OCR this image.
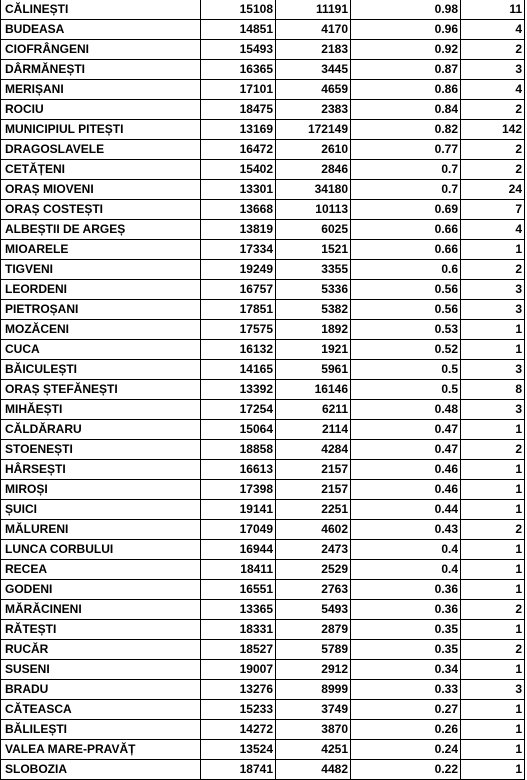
CĂLINEȘTI	15108	11191	0.98	11
BUDEASA	14851	4170	0.96	4
CIOFRÂNGENI	15493	2183	0.92	2
DÂRMĂNEȘTI	16365	3445	0.87	3
MERIȘANI	17101	4659	0.86	4
ROCIU	18475	2383	0.84	2
MUNICIPIUL PITEȘTI	13169	172149	0.82	142
DRAGOSLAVELE	16472	2610	0.77	2
CETĂȚENI	15402	2846	0.7	2
ORAȘ MIOVENI	13301	34180	0.7	24
ORAȘ COSTEȘTI	13668	10113	0.69	7
ALBEȘTII DE ARGEȘ	13819	6025	0.66	4
MIOARELE	17334	1521	0.66	1
TIGVENI	19249	3355	0.6	2
LEORDENI	16757	5336	0.56	3
PIETROȘANI	17851	5382	0.56	3
MOZĂCENI	17575	1892	0.53	1
CUCA	16132	1921	0.52	1
BĂICULEȘTI	14165	5961	0.5	3
ORAȘ ȘTEFĂNEȘTI	13392	16146	0.5	8
MIHĂEȘTI	17254	6211	0.48	3
CĂLDĂRARU	15064	2114	0.47	1
STOENEȘTI	18858	4284	0.47	2
HÂRSEȘTI	16613	2157	0.46	1
MIROȘI	17398	2157	0.46	1
ȘUICI	19141	2251	0.44	1
MĂLURENI	17049	4602	0.43	2
LUNCA CORBULUI	16944	2473	0.4	1
RECEA	18411	2529	0.4	1
GODENI	16551	2763	0.36	1
MĂRĂCINENI	13365	5493	0.36	2
RĂTEȘTI	18331	2879	0.35	1
RUCĂR	18527	5789	0.35	2
SUSENI	19007	2912	0.34	1
BRADU	13276	8999	0.33	3
CĂTEASCA	15233	3749	0.27	1
BĂLILEȘTI	14272	3870	0.26	1
VALEA MARE-PRAVĂȚ	13524	4251	0.24	1
SLOBOZIA	18741	4482	0.22	1
